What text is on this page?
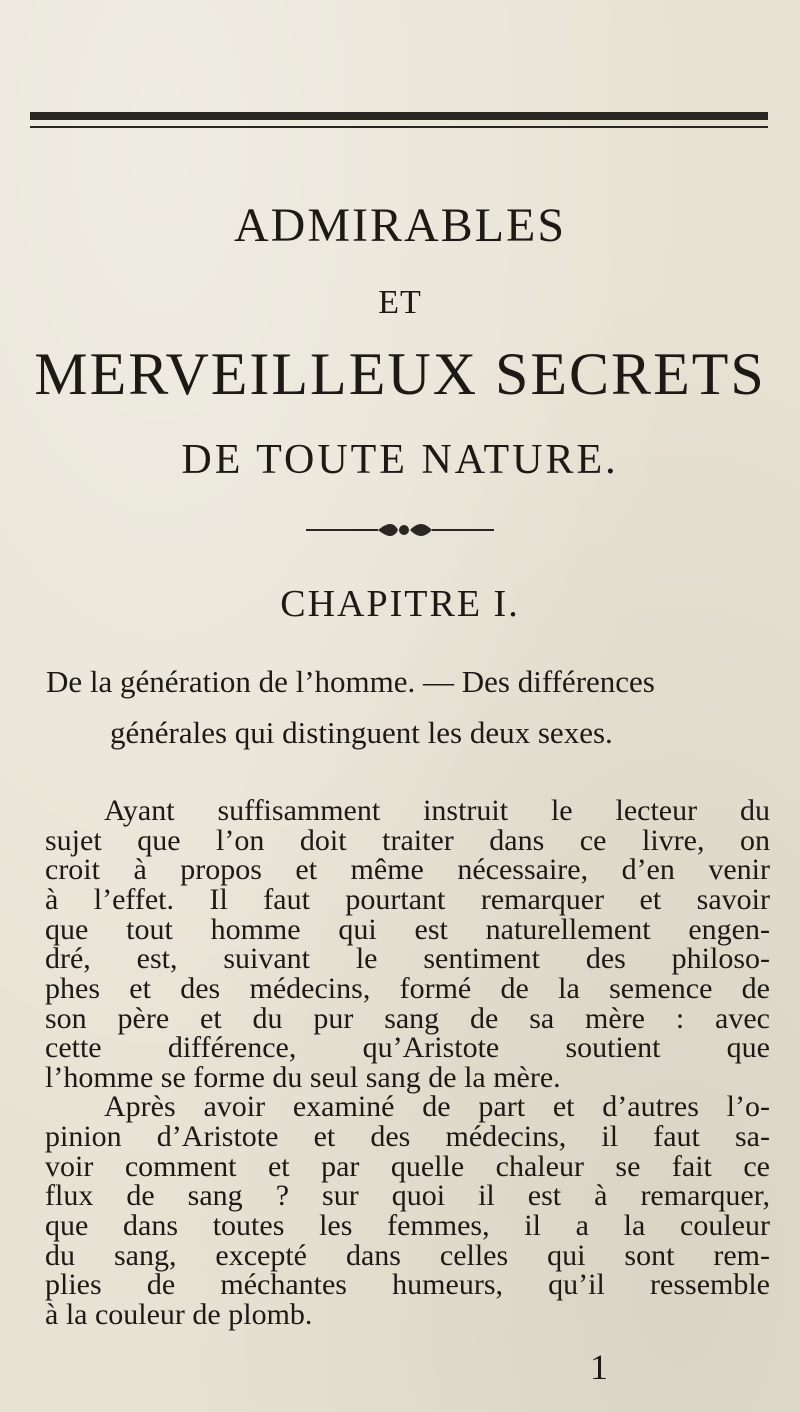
ADMIRABLES
ET
MERVEILLEUX SECRETS
DE TOUTE NATURE.
CHAPITRE I.
De la génération de l’homme. — Des différences
générales qui distinguent les deux sexes.
Ayant suffisamment instruit le lecteur du
sujet que l’on doit traiter dans ce livre, on
croit à propos et même nécessaire, d’en venir
à l’effet. Il faut pourtant remarquer et savoir
que tout homme qui est naturellement engen-
dré, est, suivant le sentiment des philoso-
phes et des médecins, formé de la semence de
son père et du pur sang de sa mère : avec
cette différence, qu’Aristote soutient que
l’homme se forme du seul sang de la mère.
Après avoir examiné de part et d’autres l’o-
pinion d’Aristote et des médecins, il faut sa-
voir comment et par quelle chaleur se fait ce
flux de sang ? sur quoi il est à remarquer,
que dans toutes les femmes, il a la couleur
du sang, excepté dans celles qui sont rem-
plies de méchantes humeurs, qu’il ressemble
à la couleur de plomb.
1
